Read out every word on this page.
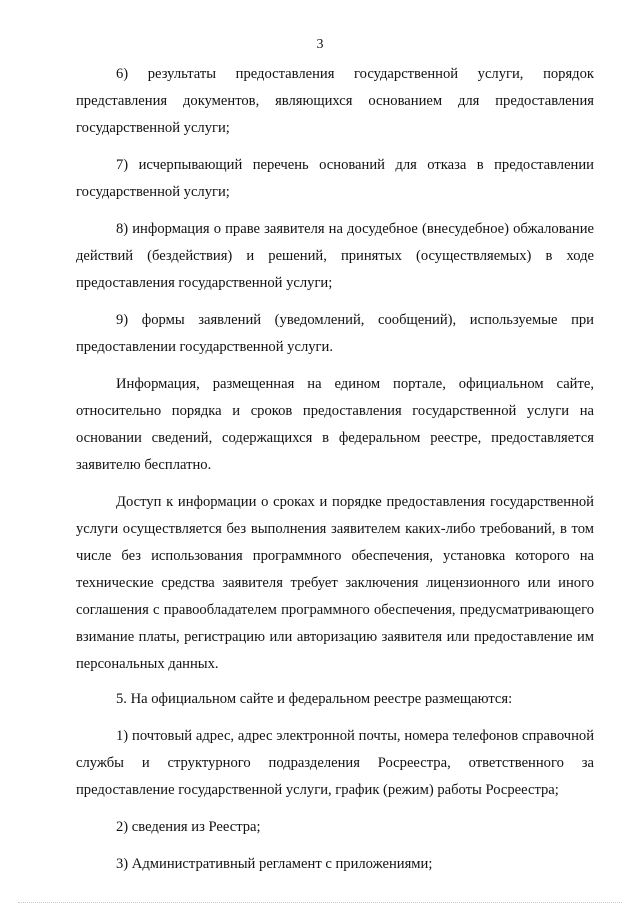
3

6) результаты предоставления государственной услуги, порядок представления документов, являющихся основанием для предоставления государственной услуги;

7) исчерпывающий перечень оснований для отказа в предоставлении государственной услуги;

8) информация о праве заявителя на досудебное (внесудебное) обжалование действий (бездействия) и решений, принятых (осуществляемых) в ходе предоставления государственной услуги;

9) формы заявлений (уведомлений, сообщений), используемые при предоставлении государственной услуги.

Информация, размещенная на едином портале, официальном сайте, относительно порядка и сроков предоставления государственной услуги на основании сведений, содержащихся в федеральном реестре, предоставляется заявителю бесплатно.

Доступ к информации о сроках и порядке предоставления государственной услуги осуществляется без выполнения заявителем каких-либо требований, в том числе без использования программного обеспечения, установка которого на технические средства заявителя требует заключения лицензионного или иного соглашения с правообладателем программного обеспечения, предусматривающего взимание платы, регистрацию или авторизацию заявителя или предоставление им персональных данных.

5. На официальном сайте и федеральном реестре размещаются:

1) почтовый адрес, адрес электронной почты, номера телефонов справочной службы и структурного подразделения Росреестра, ответственного за предоставление государственной услуги, график (режим) работы Росреестра;

2) сведения из Реестра;

3) Административный регламент с приложениями;
